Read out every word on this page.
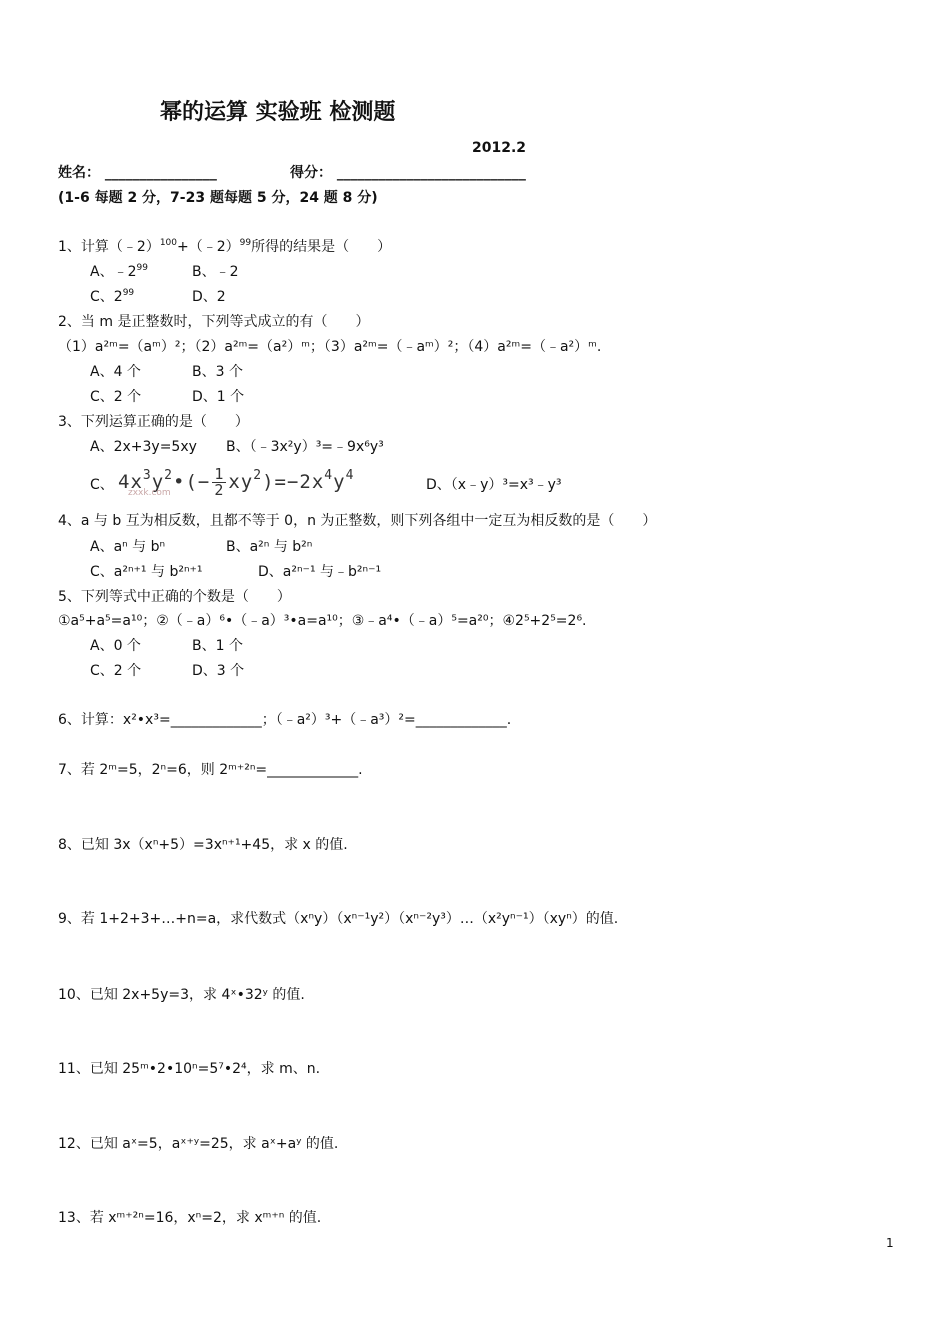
幂的运算 实验班 检测题
2012.2
姓名： ________________	得分： ___________________________
(1-6 每题 2 分，7-23 题每题 5 分，24 题 8 分)
1、计算（﹣2）$^{100}$+（﹣2）$^{99}$所得的结果是（　　）
A、$﹣2^{99}$	B、﹣2
C、$2^{99}$	D、2
2、当 m 是正整数时，下列等式成立的有（　　）
（1）a²ᵐ=（aᵐ）²；（2）a²ᵐ=（a²）ᵐ；（3）a²ᵐ=（﹣aᵐ）²；（4）a²ᵐ=（﹣a²）ᵐ.
A、4 个	B、3 个
C、2 个	D、1 个
3、下列运算正确的是（　　）
A、2x+3y=5xy B、（﹣3x²y）³=﹣9x⁶y³
C、 $4x^3y^2•(- \frac{1}{2} xy^2)=-2x^4y^4$
zxxk.com	D、（x﹣y）³=x³﹣y³
4、a 与 b 互为相反数，且都不等于 0，n 为正整数，则下列各组中一定互为相反数的是（　　）
A、aⁿ 与 bⁿ	B、a²ⁿ 与 b²ⁿ
C、a²ⁿ⁺¹ 与 b²ⁿ⁺¹	D、a²ⁿ⁻¹ 与﹣b²ⁿ⁻¹
5、下列等式中正确的个数是（　　）
①a⁵+a⁵=a¹⁰；②（﹣a）⁶•（﹣a）³•a=a¹⁰；③﹣a⁴•（﹣a）⁵=a²⁰；④2⁵+2⁵=2⁶.
A、0 个	B、1 个
C、2 个	D、3 个
6、计算：x²•x³=_____________；（﹣a²）³+（﹣a³）²=_____________.
7、若 2ᵐ=5，2ⁿ=6，则 2ᵐ⁺²ⁿ=_____________.
8、已知 3x（xⁿ+5）=3xⁿ⁺¹+45，求 x 的值.
9、若 1+2+3+…+n=a，求代数式（xⁿy）（xⁿ⁻¹y²）（xⁿ⁻²y³）…（x²yⁿ⁻¹）（xyⁿ）的值.
10、已知 2x+5y=3，求 4ˣ•32ʸ 的值.
11、已知 25ᵐ•2•10ⁿ=5⁷•2⁴，求 m、n.
12、已知 aˣ=5，aˣ⁺ʸ=25，求 aˣ+aʸ 的值.
13、若 xᵐ⁺²ⁿ=16，xⁿ=2，求 xᵐ⁺ⁿ 的值.
1
